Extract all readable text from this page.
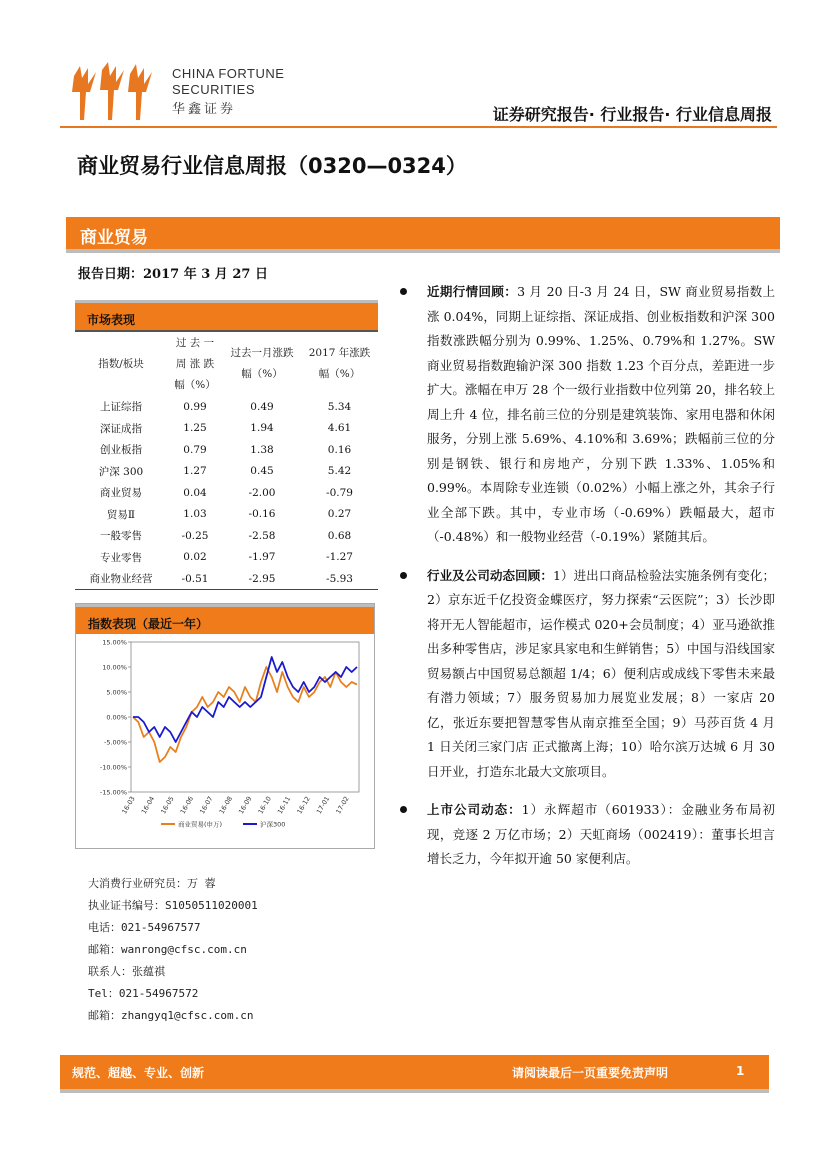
CHINA FORTUNE
SECURITIES
华鑫证券	证券研究报告· 行业报告· 行业信息周报
商业贸易行业信息周报（0320—0324）
商业贸易
报告日期：2017 年 3 月 27 日
市场表现
指数/板块	过 去 一 周 涨 跌 幅（%）	过去一月涨跌幅（%）	2017 年涨跌幅（%）
上证综指	0.99	0.49	5.34
深证成指	1.25	1.94	4.61
创业板指	0.79	1.38	0.16
沪深 300	1.27	0.45	5.42
商业贸易	0.04	-2.00	-0.79
贸易Ⅱ	1.03	-0.16	0.27
一般零售	-0.25	-2.58	0.68
专业零售	0.02	-1.97	-1.27
商业物业经营	-0.51	-2.95	-5.93
指数表现（最近一年）
15.00%
10.00%
5.00%
0.00%
-5.00%
-10.00%
-15.00%
16-03 16-04 16-05 16-06 16-07 16-08 16-09 16-10 16-11 16-12 17-01 17-02
商业贸易(申万)	沪深300
大消费行业研究员：万 蓉
执业证书编号：S1050511020001
电话：021-54967577
邮箱：wanrong@cfsc.com.cn
联系人：张蕴祺
Tel：021-54967572
邮箱：zhangyq1@cfsc.com.cn

近期行情回顾：3 月 20 日-3 月 24 日，SW 商业贸易指数上涨 0.04%，同期上证综指、深证成指、创业板指数和沪深 300 指数涨跌幅分别为 0.99%、1.25%、0.79%和 1.27%。SW 商业贸易指数跑输沪深 300 指数 1.23 个百分点，差距进一步扩大。涨幅在申万 28 个一级行业指数中位列第 20，排名较上周上升 4 位，排名前三位的分别是建筑装饰、家用电器和休闲服务，分别上涨 5.69%、4.10%和 3.69%；跌幅前三位的分别是钢铁、银行和房地产，分别下跌 1.33%、1.05%和 0.99%。本周除专业连锁（0.02%）小幅上涨之外，其余子行业全部下跌。其中，专业市场（-0.69%）跌幅最大，超市（-0.48%）和一般物业经营（-0.19%）紧随其后。

行业及公司动态回顾：1）进出口商品检验法实施条例有变化；2）京东近千亿投资金蝶医疗，努力探索“云医院”；3）长沙即将开无人智能超市，运作模式 020+会员制度；4）亚马逊欲推出多种零售店，涉足家具家电和生鲜销售；5）中国与沿线国家贸易额占中国贸易总额超 1/4；6）便利店或成线下零售未来最有潜力领域；7）服务贸易加力展览业发展；8）一家店 20 亿，张近东要把智慧零售从南京推至全国；9）马莎百货 4 月 1 日关闭三家门店 正式撤离上海；10）哈尔滨万达城 6 月 30 日开业，打造东北最大文旅项目。

上市公司动态：1）永辉超市（601933）：金融业务布局初现，竞逐 2 万亿市场；2）天虹商场（002419）：董事长坦言增长乏力，今年拟开逾 50 家便利店。

规范、超越、专业、创新	请阅读最后一页重要免责声明	1
